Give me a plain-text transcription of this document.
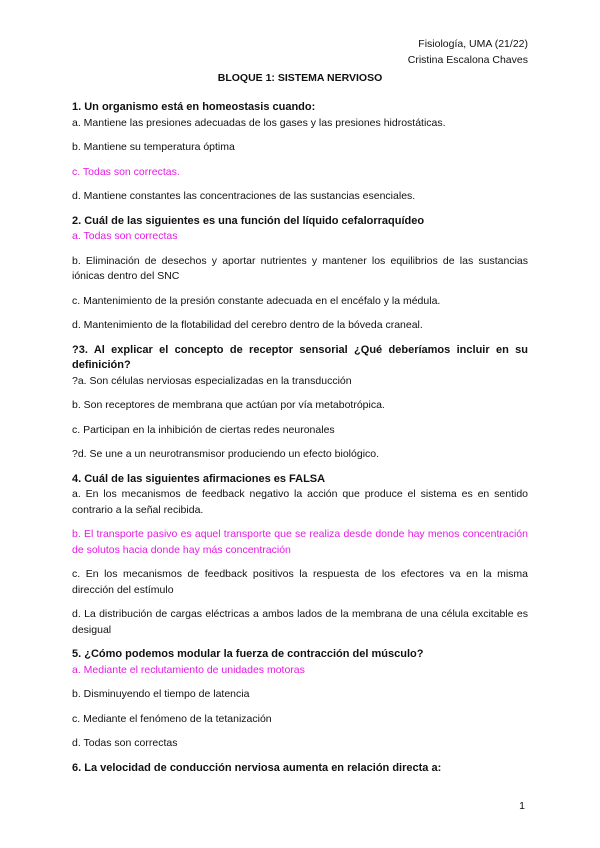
Fisiología, UMA (21/22)
Cristina Escalona Chaves
BLOQUE 1: SISTEMA NERVIOSO

1. Un organismo está en homeostasis cuando:

a. Mantiene las presiones adecuadas de los gases y las presiones hidrostáticas.

b. Mantiene su temperatura óptima

c. Todas son correctas.

d. Mantiene constantes las concentraciones de las sustancias esenciales.

2. Cuál de las siguientes es una función del líquido cefalorraquídeo

a. Todas son correctas

b. Eliminación de desechos y aportar nutrientes y mantener los equilibrios de las sustancias iónicas dentro del SNC

c. Mantenimiento de la presión constante adecuada en el encéfalo y la médula.

d. Mantenimiento de la flotabilidad del cerebro dentro de la bóveda craneal.

?3. Al explicar el concepto de receptor sensorial ¿Qué deberíamos incluir en su definición?

?a. Son células nerviosas especializadas en la transducción

b. Son receptores de membrana que actúan por vía metabotrópica.

c. Participan en la inhibición de ciertas redes neuronales

?d. Se une a un neurotransmisor produciendo un efecto biológico.

4. Cuál de las siguientes afirmaciones es FALSA

a. En los mecanismos de feedback negativo la acción que produce el sistema es en sentido contrario a la señal recibida.

b. El transporte pasivo es aquel transporte que se realiza desde donde hay menos concentración de solutos hacia donde hay más concentración

c. En los mecanismos de feedback positivos la respuesta de los efectores va en la misma dirección del estímulo

d. La distribución de cargas eléctricas a ambos lados de la membrana de una célula excitable es desigual

5. ¿Cómo podemos modular la fuerza de contracción del músculo?

a. Mediante el reclutamiento de unidades motoras

b. Disminuyendo el tiempo de latencia

c. Mediante el fenómeno de la tetanización

d. Todas son correctas

6. La velocidad de conducción nerviosa aumenta en relación directa a:

1
